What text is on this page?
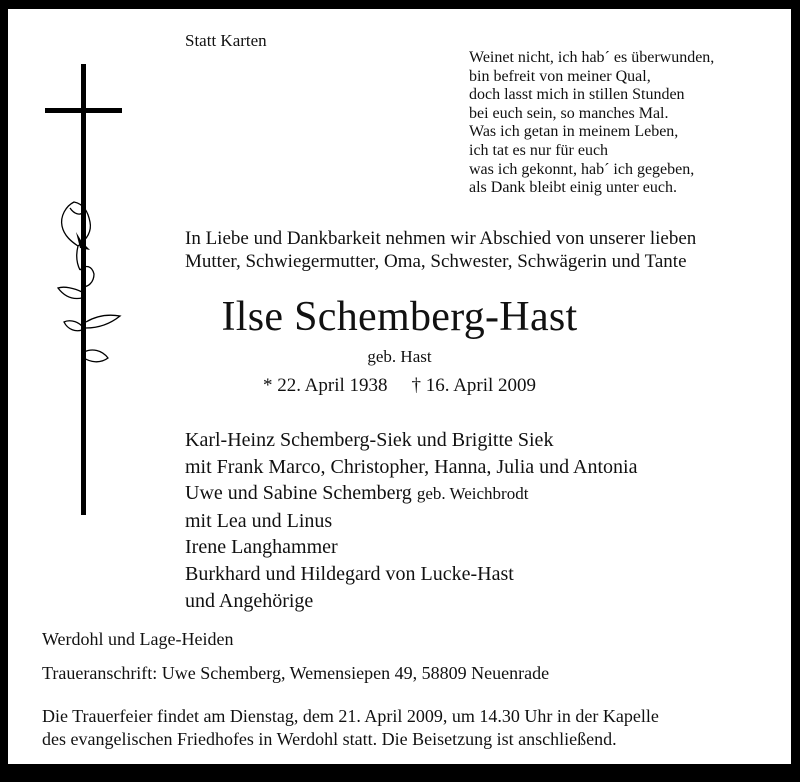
Statt Karten
Weinet nicht, ich hab´ es überwunden,
bin befreit von meiner Qual,
doch lasst mich in stillen Stunden
bei euch sein, so manches Mal.
Was ich getan in meinem Leben,
ich tat es nur für euch
was ich gekonnt, hab´ ich gegeben,
als Dank bleibt einig unter euch.
In Liebe und Dankbarkeit nehmen wir Abschied von unserer lieben
Mutter, Schwiegermutter, Oma, Schwester, Schwägerin und Tante
Ilse Schemberg-Hast
geb. Hast
* 22. April 1938 † 16. April 2009
Karl-Heinz Schemberg-Siek und Brigitte Siek
mit Frank Marco, Christopher, Hanna, Julia und Antonia
Uwe und Sabine Schemberg geb. Weichbrodt
mit Lea und Linus
Irene Langhammer
Burkhard und Hildegard von Lucke-Hast
und Angehörige
Werdohl und Lage-Heiden
Traueranschrift: Uwe Schemberg, Wemensiepen 49, 58809 Neuenrade
Die Trauerfeier findet am Dienstag, dem 21. April 2009, um 14.30 Uhr in der Kapelle
des evangelischen Friedhofes in Werdohl statt. Die Beisetzung ist anschließend.
